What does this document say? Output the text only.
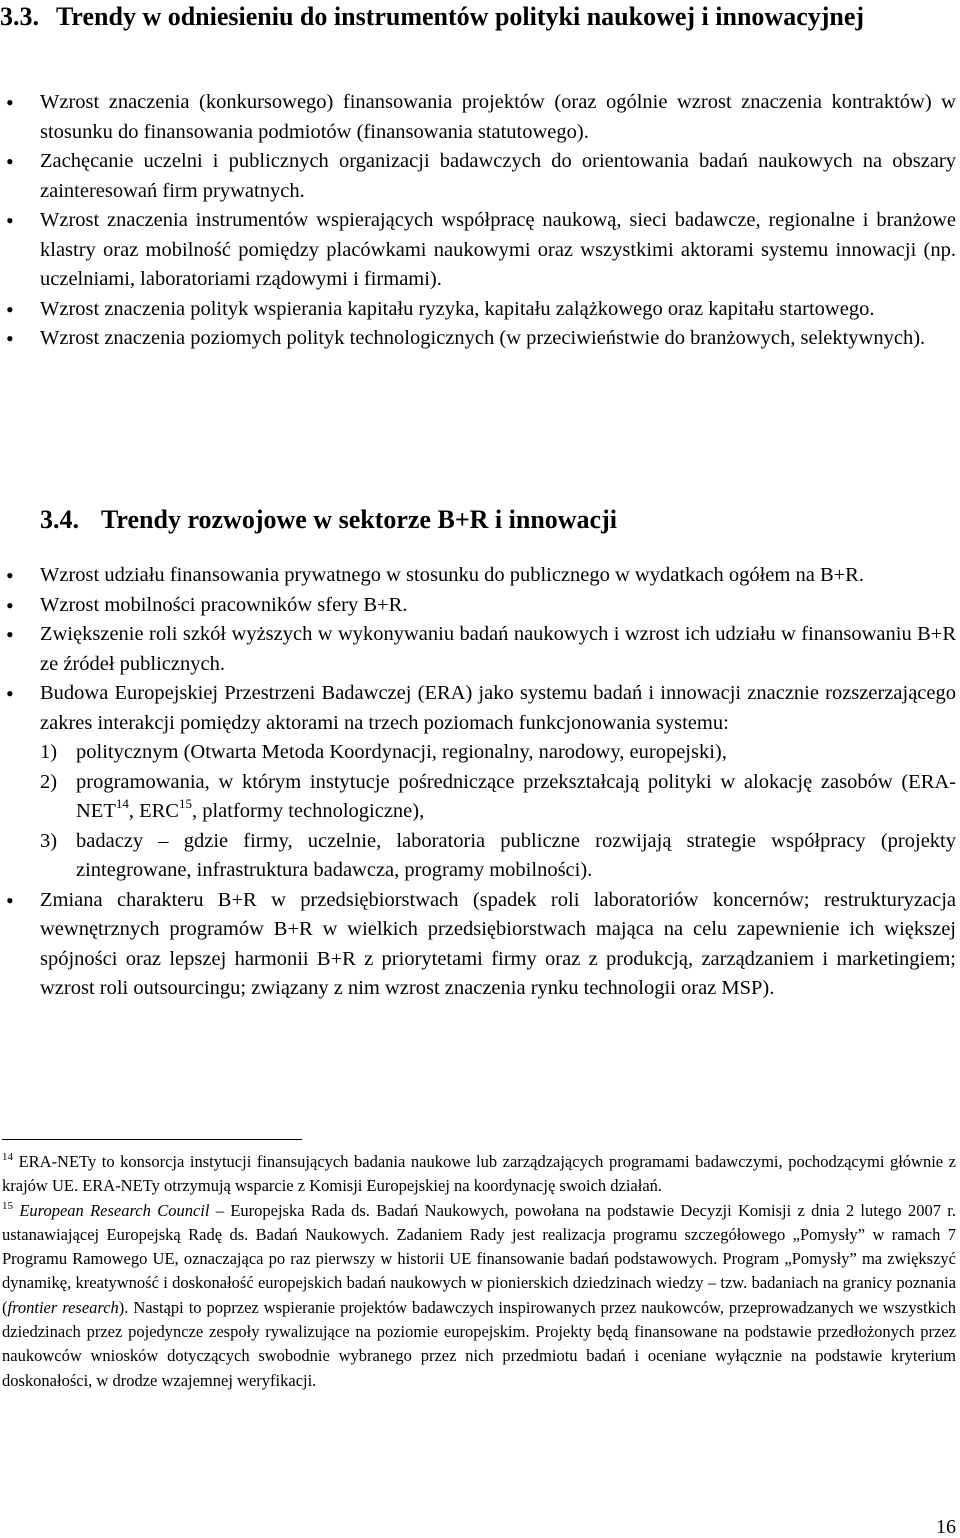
3.3. Trendy w odniesieniu do instrumentów polityki naukowej i innowacyjnej
• Wzrost znaczenia (konkursowego) finansowania projektów (oraz ogólnie wzrost znaczenia kontraktów) w stosunku do finansowania podmiotów (finansowania statutowego).
• Zachęcanie uczelni i publicznych organizacji badawczych do orientowania badań naukowych na obszary zainteresowań firm prywatnych.
• Wzrost znaczenia instrumentów wspierających współpracę naukową, sieci badawcze, regionalne i branżowe klastry oraz mobilność pomiędzy placówkami naukowymi oraz wszystkimi aktorami systemu innowacji (np. uczelniami, laboratoriami rządowymi i firmami).
• Wzrost znaczenia polityk wspierania kapitału ryzyka, kapitału zalążkowego oraz kapitału startowego.
• Wzrost znaczenia poziomych polityk technologicznych (w przeciwieństwie do branżowych, selektywnych).
3.4. Trendy rozwojowe w sektorze B+R i innowacji
• Wzrost udziału finansowania prywatnego w stosunku do publicznego w wydatkach ogółem na B+R.
• Wzrost mobilności pracowników sfery B+R.
• Zwiększenie roli szkół wyższych w wykonywaniu badań naukowych i wzrost ich udziału w finansowaniu B+R ze źródeł publicznych.
• Budowa Europejskiej Przestrzeni Badawczej (ERA) jako systemu badań i innowacji znacznie rozszerzającego zakres interakcji pomiędzy aktorami na trzech poziomach funkcjonowania systemu:
1) politycznym (Otwarta Metoda Koordynacji, regionalny, narodowy, europejski),
2) programowania, w którym instytucje pośredniczące przekształcają polityki w alokację zasobów (ERA-NET$^{14}$, ERC$^{15}$, platformy technologiczne),
3) badaczy – gdzie firmy, uczelnie, laboratoria publiczne rozwijają strategie współpracy (projekty zintegrowane, infrastruktura badawcza, programy mobilności).
• Zmiana charakteru B+R w przedsiębiorstwach (spadek roli laboratoriów koncernów; restrukturyzacja wewnętrznych programów B+R w wielkich przedsiębiorstwach mająca na celu zapewnienie ich większej spójności oraz lepszej harmonii B+R z priorytetami firmy oraz z produkcją, zarządzaniem i marketingiem; wzrost roli outsourcingu; związany z nim wzrost znaczenia rynku technologii oraz MSP).

$^{14}$ ERA-NETy to konsorcja instytucji finansujących badania naukowe lub zarządzających programami badawczymi, pochodzącymi głównie z krajów UE. ERA-NETy otrzymują wsparcie z Komisji Europejskiej na koordynację swoich działań.

$^{15}$ European Research Council – Europejska Rada ds. Badań Naukowych, powołana na podstawie Decyzji Komisji z dnia 2 lutego 2007 r. ustanawiającej Europejską Radę ds. Badań Naukowych. Zadaniem Rady jest realizacja programu szczegółowego „Pomysły” w ramach 7 Programu Ramowego UE, oznaczająca po raz pierwszy w historii UE finansowanie badań podstawowych. Program „Pomysły” ma zwiększyć dynamikę, kreatywność i doskonałość europejskich badań naukowych w pionierskich dziedzinach wiedzy – tzw. badaniach na granicy poznania (frontier research). Nastąpi to poprzez wspieranie projektów badawczych inspirowanych przez naukowców, przeprowadzanych we wszystkich dziedzinach przez pojedyncze zespoły rywalizujące na poziomie europejskim. Projekty będą finansowane na podstawie przedłożonych przez naukowców wniosków dotyczących swobodnie wybranego przez nich przedmiotu badań i oceniane wyłącznie na podstawie kryterium doskonałości, w drodze wzajemnej weryfikacji.

16
